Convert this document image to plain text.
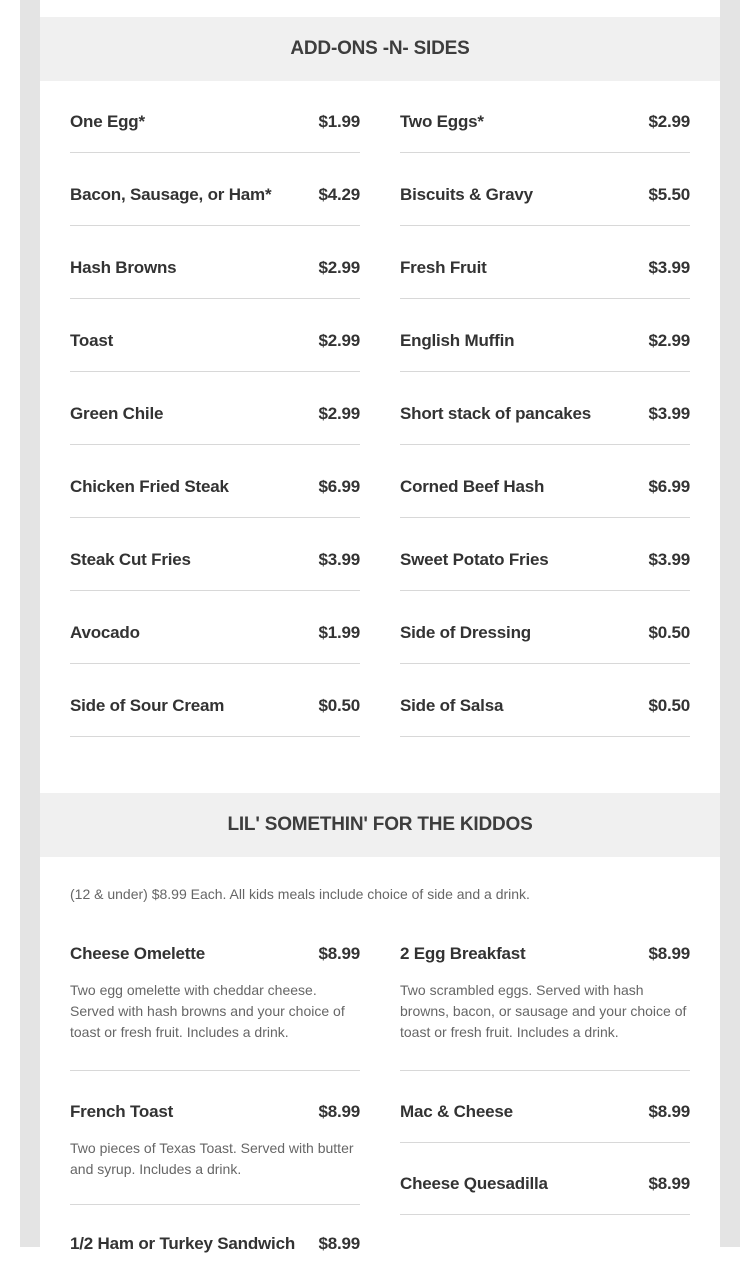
ADD-ONS -N- SIDES
One Egg*	$1.99
Bacon, Sausage, or Ham*	$4.29
Hash Browns	$2.99
Toast	$2.99
Green Chile	$2.99
Chicken Fried Steak	$6.99
Steak Cut Fries	$3.99
Avocado	$1.99
Side of Sour Cream	$0.50
Two Eggs*	$2.99
Biscuits & Gravy	$5.50
Fresh Fruit	$3.99
English Muffin	$2.99
Short stack of pancakes	$3.99
Corned Beef Hash	$6.99
Sweet Potato Fries	$3.99
Side of Dressing	$0.50
Side of Salsa	$0.50
LIL' SOMETHIN' FOR THE KIDDOS
(12 & under) $8.99 Each. All kids meals include choice of side and a drink.
Cheese Omelette	$8.99
Two egg omelette with cheddar cheese. Served with hash browns and your choice of toast or fresh fruit. Includes a drink.
French Toast	$8.99
Two pieces of Texas Toast. Served with butter and syrup. Includes a drink.
1/2 Ham or Turkey Sandwich $8.99
2 Egg Breakfast	$8.99
Two scrambled eggs. Served with hash browns, bacon, or sausage and your choice of toast or fresh fruit. Includes a drink.
Mac & Cheese	$8.99
Cheese Quesadilla	$8.99
